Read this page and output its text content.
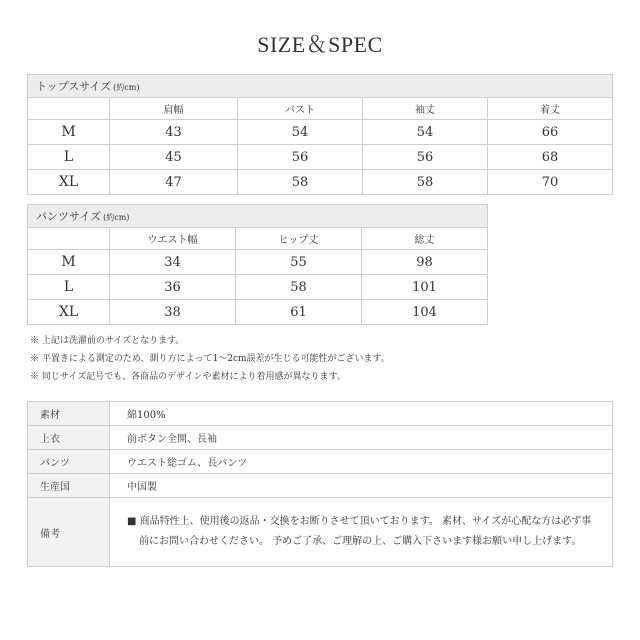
SIZE＆SPEC
トップスサイズ (約cm)				
	肩幅	バスト	袖丈	着丈
M	43	54	54	66
L	45	56	56	68
XL	47	58	58	70
パンツサイズ (約cm)			
	ウエスト幅	ヒップ丈	総丈
M	34	55	98
L	36	58	101
XL	38	61	104
※ 上記は洗濯前のサイズとなります。
※ 平置きによる測定のため、測り方によって1〜2cm誤差が生じる可能性がございます。
※ 同じサイズ記号でも、各商品のデザインや素材により着用感が異なります。
素材	綿100%
上衣	前ボタン全開、長袖
パンツ	ウエスト総ゴム、長パンツ
生産国	中国製
備考	■ 商品特性上、使用後の返品・交換をお断りさせて頂いております。 素材、サイズが心配な方は必ず事
前にお問い合わせください。 予めご了承、ご理解の上、ご購入下さいます様お願い申し上げます。
